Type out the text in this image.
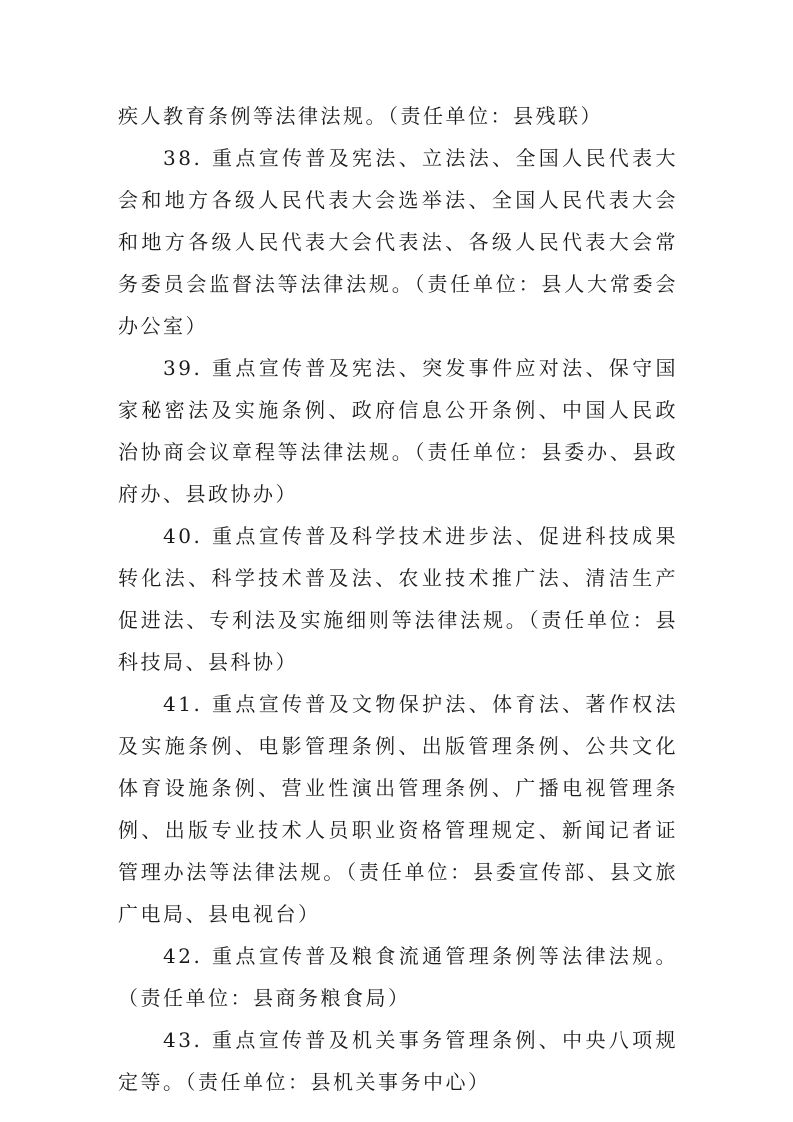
疾人教育条例等法律法规。（责任单位：县残联）

38. 重点宣传普及宪法、立法法、全国人民代表大会和地方各级人民代表大会选举法、全国人民代表大会和地方各级人民代表大会代表法、各级人民代表大会常务委员会监督法等法律法规。（责任单位：县人大常委会办公室）

39. 重点宣传普及宪法、突发事件应对法、保守国家秘密法及实施条例、政府信息公开条例、中国人民政治协商会议章程等法律法规。（责任单位：县委办、县政府办、县政协办）

40. 重点宣传普及科学技术进步法、促进科技成果转化法、科学技术普及法、农业技术推广法、清洁生产促进法、专利法及实施细则等法律法规。（责任单位：县科技局、县科协）

41. 重点宣传普及文物保护法、体育法、著作权法及实施条例、电影管理条例、出版管理条例、公共文化体育设施条例、营业性演出管理条例、广播电视管理条例、出版专业技术人员职业资格管理规定、新闻记者证管理办法等法律法规。（责任单位：县委宣传部、县文旅广电局、县电视台）

42. 重点宣传普及粮食流通管理条例等法律法规。（责任单位：县商务粮食局）

43. 重点宣传普及机关事务管理条例、中央八项规定等。（责任单位：县机关事务中心）
